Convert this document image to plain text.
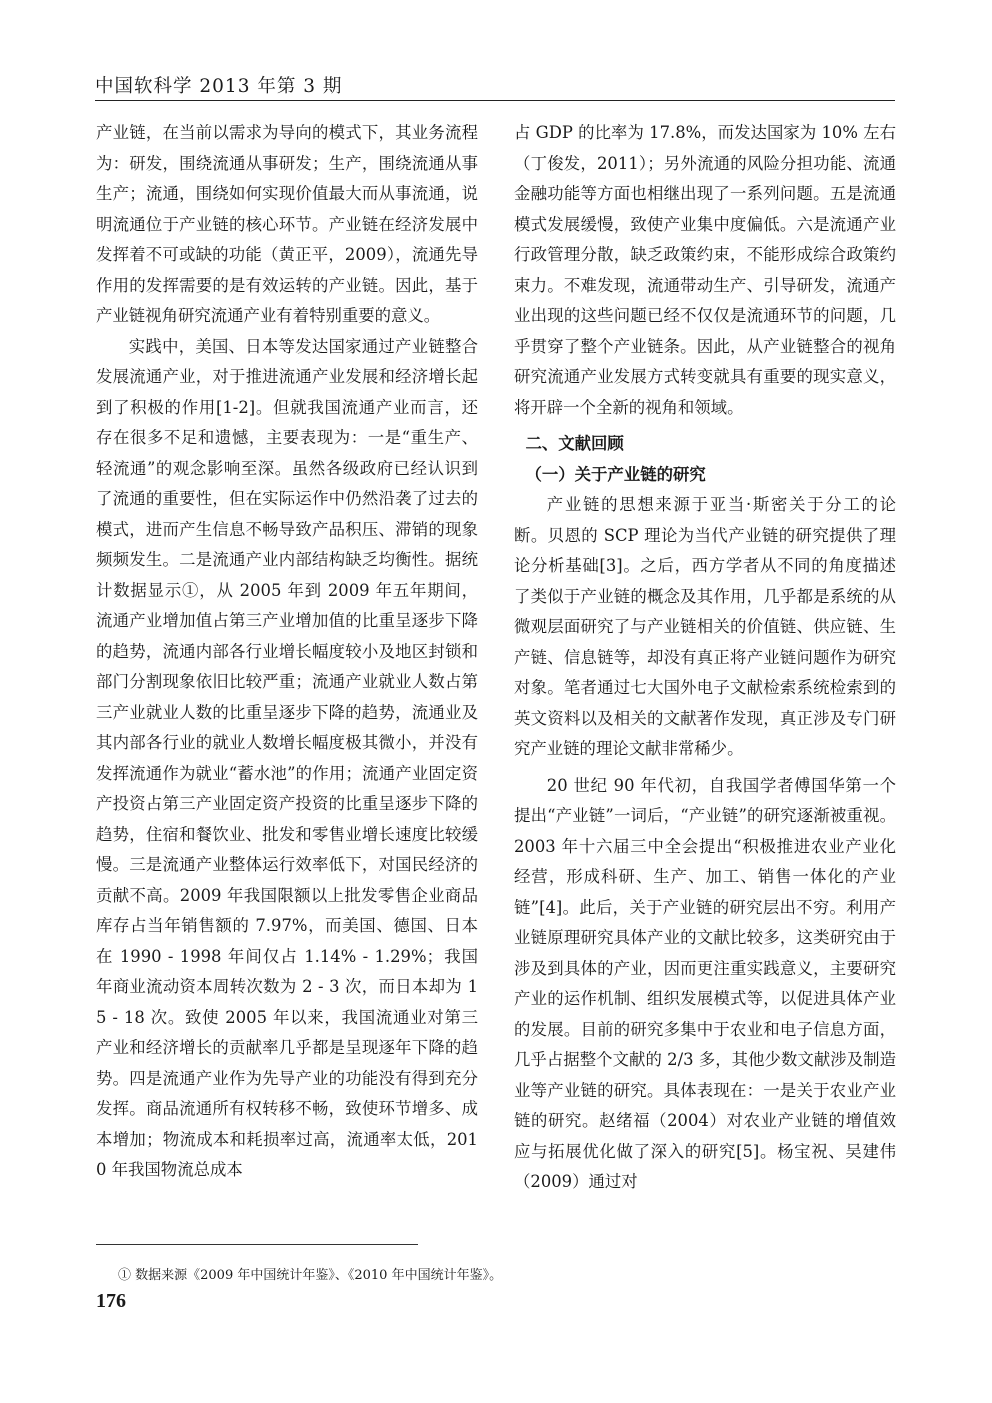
中国软科学 2013 年第 3 期

产业链，在当前以需求为导向的模式下，其业务流程为：研发，围绕流通从事研发；生产，围绕流通从事生产；流通，围绕如何实现价值最大而从事流通，说明流通位于产业链的核心环节。产业链在经济发展中发挥着不可或缺的功能（黄正平，2009），流通先导作用的发挥需要的是有效运转的产业链。因此，基于产业链视角研究流通产业有着特别重要的意义。

实践中，美国、日本等发达国家通过产业链整合发展流通产业，对于推进流通产业发展和经济增长起到了积极的作用[1-2]。但就我国流通产业而言，还存在很多不足和遗憾，主要表现为：一是“重生产、轻流通”的观念影响至深。虽然各级政府已经认识到了流通的重要性，但在实际运作中仍然沿袭了过去的模式，进而产生信息不畅导致产品积压、滞销的现象频频发生。二是流通产业内部结构缺乏均衡性。据统计数据显示①，从 2005 年到 2009 年五年期间，流通产业增加值占第三产业增加值的比重呈逐步下降的趋势，流通内部各行业增长幅度较小及地区封锁和部门分割现象依旧比较严重；流通产业就业人数占第三产业就业人数的比重呈逐步下降的趋势，流通业及其内部各行业的就业人数增长幅度极其微小，并没有发挥流通作为就业“蓄水池”的作用；流通产业固定资产投资占第三产业固定资产投资的比重呈逐步下降的趋势，住宿和餐饮业、批发和零售业增长速度比较缓慢。三是流通产业整体运行效率低下，对国民经济的贡献不高。2009 年我国限额以上批发零售企业商品库存占当年销售额的 7.97%，而美国、德国、日本在 1990 - 1998 年间仅占 1.14% - 1.29%；我国年商业流动资本周转次数为 2 - 3 次，而日本却为 15 - 18 次。致使 2005 年以来，我国流通业对第三产业和经济增长的贡献率几乎都是呈现逐年下降的趋势。四是流通产业作为先导产业的功能没有得到充分发挥。商品流通所有权转移不畅，致使环节增多、成本增加；物流成本和耗损率过高，流通率太低，2010 年我国物流总成本

占 GDP 的比率为 17.8%，而发达国家为 10% 左右（丁俊发，2011）；另外流通的风险分担功能、流通金融功能等方面也相继出现了一系列问题。五是流通模式发展缓慢，致使产业集中度偏低。六是流通产业行政管理分散，缺乏政策约束，不能形成综合政策约束力。不难发现，流通带动生产、引导研发，流通产业出现的这些问题已经不仅仅是流通环节的问题，几乎贯穿了整个产业链条。因此，从产业链整合的视角研究流通产业发展方式转变就具有重要的现实意义，将开辟一个全新的视角和领域。

二、文献回顾

（一）关于产业链的研究

产业链的思想来源于亚当·斯密关于分工的论断。贝恩的 SCP 理论为当代产业链的研究提供了理论分析基础[3]。之后，西方学者从不同的角度描述了类似于产业链的概念及其作用，几乎都是系统的从微观层面研究了与产业链相关的价值链、供应链、生产链、信息链等，却没有真正将产业链问题作为研究对象。笔者通过七大国外电子文献检索系统检索到的英文资料以及相关的文献著作发现，真正涉及专门研究产业链的理论文献非常稀少。

20 世纪 90 年代初，自我国学者傅国华第一个提出“产业链”一词后，“产业链”的研究逐渐被重视。2003 年十六届三中全会提出“积极推进农业产业化经营，形成科研、生产、加工、销售一体化的产业链”[4]。此后，关于产业链的研究层出不穷。利用产业链原理研究具体产业的文献比较多，这类研究由于涉及到具体的产业，因而更注重实践意义，主要研究产业的运作机制、组织发展模式等，以促进具体产业的发展。目前的研究多集中于农业和电子信息方面，几乎占据整个文献的 2/3 多，其他少数文献涉及制造业等产业链的研究。具体表现在：一是关于农业产业链的研究。赵绪福（2004）对农业产业链的增值效应与拓展优化做了深入的研究[5]。杨宝祝、吴建伟（2009）通过对

① 数据来源《2009 年中国统计年鉴》、《2010 年中国统计年鉴》。
176
